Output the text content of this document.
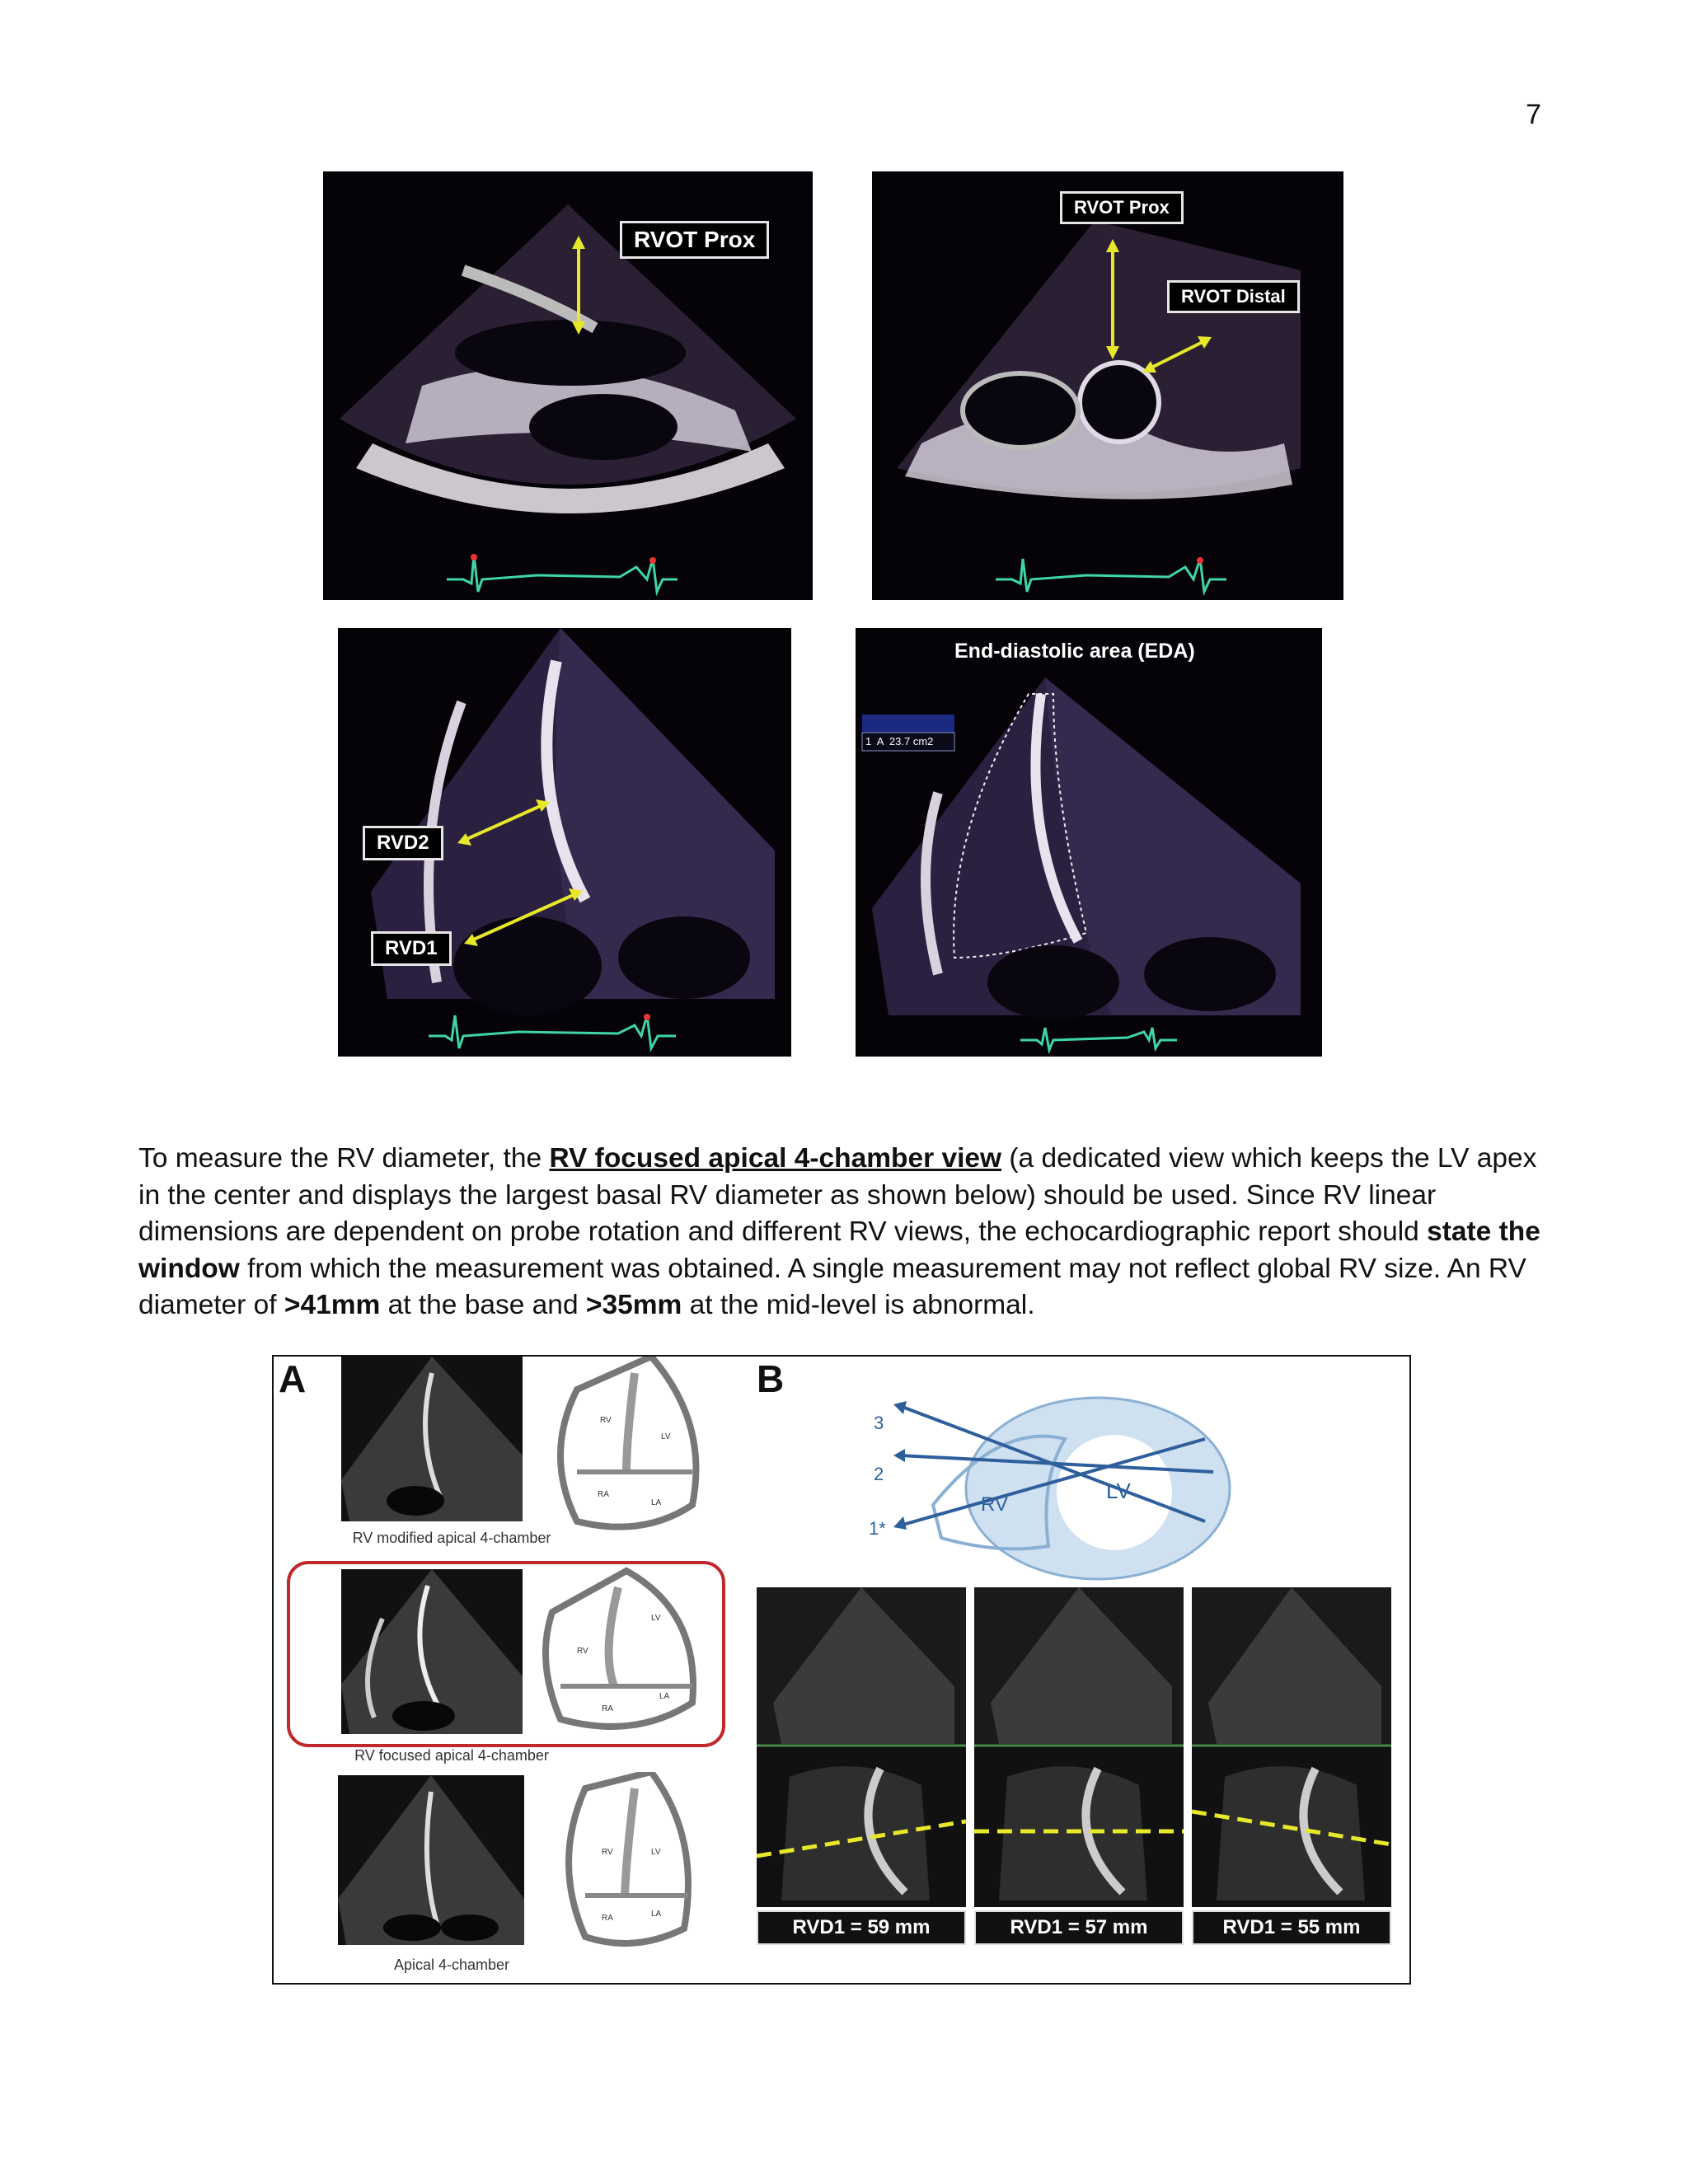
7
RVOT Prox
RVOT Prox
RVOT Distal
RVD2
RVD1
End-diastolic area (EDA)
1  A  23.7 cm2
To measure the RV diameter, the RV focused apical 4-chamber view (a dedicated view which keeps the LV apex in the center and displays the largest basal RV diameter as shown below) should be used. Since RV linear dimensions are dependent on probe rotation and different RV views, the echocardiographic report should state the window from which the measurement was obtained. A single measurement may not reflect global RV size. An RV diameter of >41mm at the base and >35mm at the mid-level is abnormal.
A	B
RV
LV
RA
LA
RV modified apical 4-chamber
RV
LV
RA
LA
RV focused apical 4-chamber
RV	LV
RA	LA
Apical 4-chamber
3
2
1*
RV
LV
RVD1 = 59 mm	RVD1 = 57 mm	RVD1 = 55 mm
